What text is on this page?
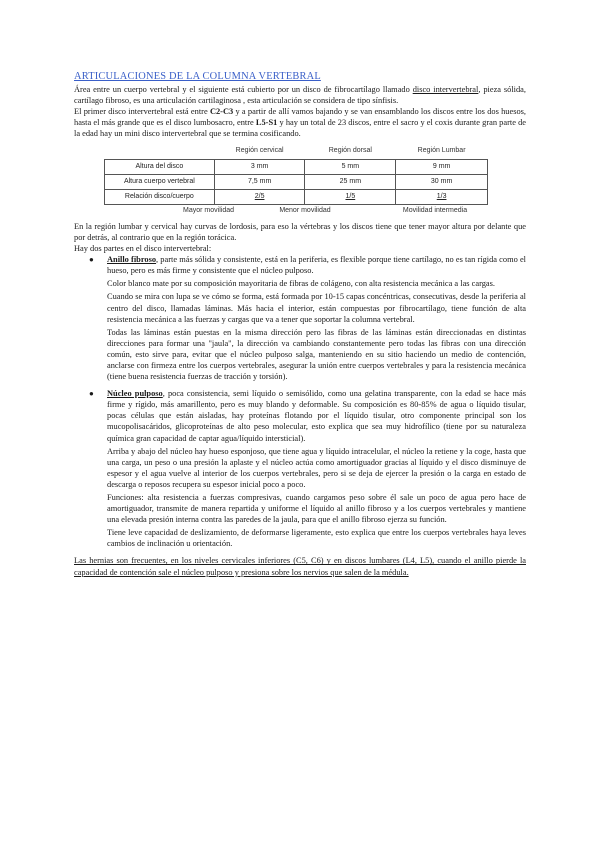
ARTICULACIONES DE LA COLUMNA VERTEBRAL

Área entre un cuerpo vertebral y el siguiente está cubierto por un disco de fibrocartílago llamado disco intervertebral, pieza sólida, cartílago fibroso, es una articulación cartilaginosa , esta articulación se considera de tipo sínfisis.

El primer disco intervertebral está entre C2-C3 y a partir de allí vamos bajando y se van ensamblando los discos entre los dos huesos, hasta el más grande que es el disco lumbosacro, entre L5-S1 y hay un total de 23 discos, entre el sacro y el coxis durante gran parte de la edad hay un mini disco intervertebral que se termina cosificando.

	Región cervical	Región dorsal	Región Lumbar
Altura del disco	3 mm	5 mm	9 mm
Altura cuerpo vertebral	7,5 mm	25 mm	30 mm
Relación disco/cuerpo	2/5	1/5	1/3
Mayor movilidad	Menor movilidad	Movilidad intermedia

En la región lumbar y cervical hay curvas de lordosis, para eso la vértebras y los discos tiene que tener mayor altura por delante que por detrás, al contrario que en la región torácica.

Hay dos partes en el disco intervertebral:

● Anillo fibroso, parte más sólida y consistente, está en la periferia, es flexible porque tiene cartílago, no es tan rígida como el hueso, pero es más firme y consistente que el núcleo pulposo.

Color blanco mate por su composición mayoritaria de fibras de colágeno, con alta resistencia mecánica a las cargas.

Cuando se mira con lupa se ve cómo se forma, está formada por 10-15 capas concéntricas, consecutivas, desde la periferia al centro del disco, llamadas láminas. Más hacia el interior, están compuestas por fibrocartílago, tiene función de alta resistencia mecánica a las fuerzas y cargas que va a tener que soportar la columna vertebral.

Todas las láminas están puestas en la misma dirección pero las fibras de las láminas están direccionadas en distintas direcciones para formar una "jaula", la dirección va cambiando constantemente pero todas las fibras con una dirección común, esto sirve para, evitar que el núcleo pulposo salga, manteniendo en su sitio haciendo un medio de contención, anclarse con firmeza entre los cuerpos vertebrales, asegurar la unión entre cuerpos vertebrales y para la resistencia mecánica (tiene buena resistencia fuerzas de tracción y torsión).

● Núcleo pulposo, poca consistencia, semi líquido o semisólido, como una gelatina transparente, con la edad se hace más firme y rígido, más amarillento, pero es muy blando y deformable. Su composición es 80-85% de agua o líquido tisular, pocas células que están aisladas, hay proteínas flotando por el líquido tisular, otro componente principal son los mucopolisacáridos, glicoproteínas de alto peso molecular, esto explica que sea muy hidrofílico (tiene por su naturaleza química gran capacidad de captar agua/líquido intersticial).

Arriba y abajo del núcleo hay hueso esponjoso, que tiene agua y líquido intracelular, el núcleo la retiene y la coge, hasta que una carga, un peso o una presión la aplaste y el núcleo actúa como amortiguador gracias al líquido y el disco disminuye de espesor y el agua vuelve al interior de los cuerpos vertebrales, pero si se deja de ejercer la presión o la carga en estado de descarga o reposos recupera su espesor inicial poco a poco.

Funciones: alta resistencia a fuerzas compresivas, cuando cargamos peso sobre él sale un poco de agua pero hace de amortiguador, transmite de manera repartida y uniforme el líquido al anillo fibroso y a los cuerpos vertebrales y mantiene una elevada presión interna contra las paredes de la jaula, para que el anillo fibroso ejerza su función.

Tiene leve capacidad de deslizamiento, de deformarse ligeramente, esto explica que entre los cuerpos vertebrales haya leves cambios de inclinación u orientación.

Las hernias son frecuentes, en los niveles cervicales inferiores (C5, C6) y en discos lumbares (L4, L5), cuando el anillo pierde la capacidad de contención sale el núcleo pulposo y presiona sobre los nervios que salen de la médula.
